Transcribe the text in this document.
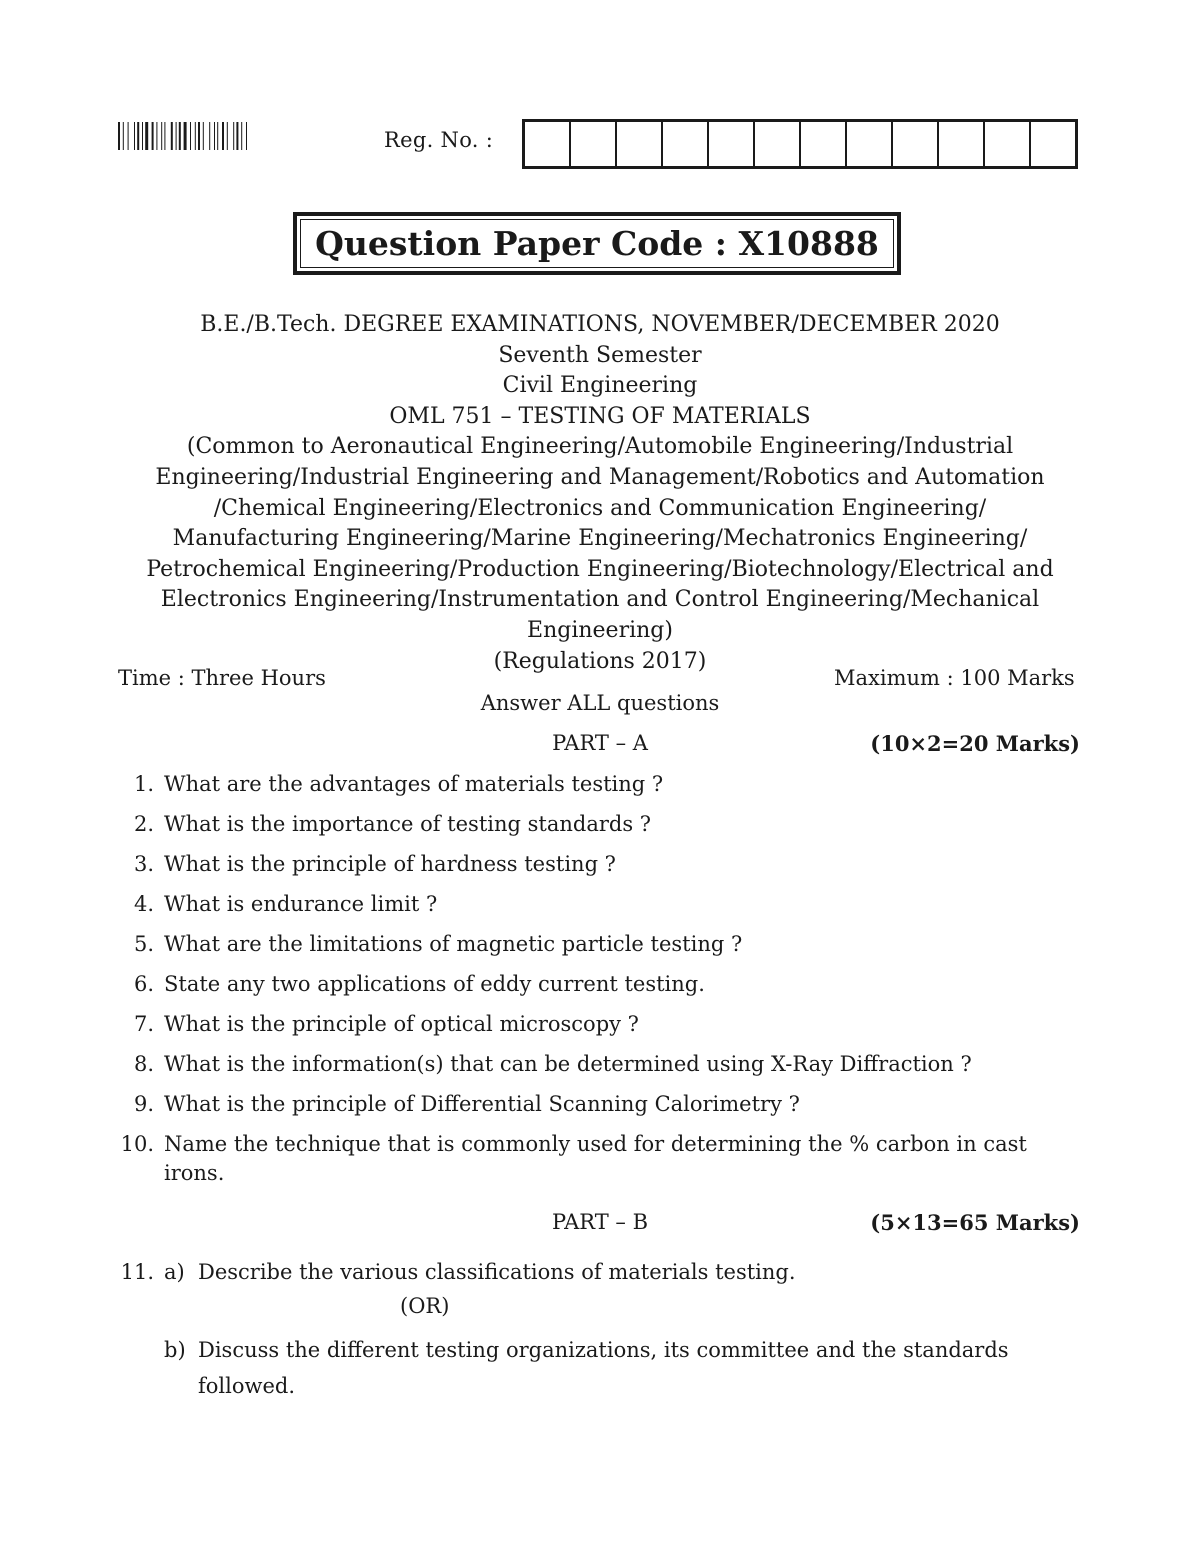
Reg. No. :
Question Paper Code : X10888
B.E./B.Tech. DEGREE EXAMINATIONS, NOVEMBER/DECEMBER 2020
Seventh Semester
Civil Engineering
OML 751 – TESTING OF MATERIALS
(Common to Aeronautical Engineering/Automobile Engineering/Industrial
Engineering/Industrial Engineering and Management/Robotics and Automation
/Chemical Engineering/Electronics and Communication Engineering/
Manufacturing Engineering/Marine Engineering/Mechatronics Engineering/
Petrochemical Engineering/Production Engineering/Biotechnology/Electrical and
Electronics Engineering/Instrumentation and Control Engineering/Mechanical
Engineering)
(Regulations 2017)
Time : Three Hours	Maximum : 100 Marks
Answer ALL questions
PART – A	(10×2=20 Marks)
1. What are the advantages of materials testing ?
2. What is the importance of testing standards ?
3. What is the principle of hardness testing ?
4. What is endurance limit ?
5. What are the limitations of magnetic particle testing ?
6. State any two applications of eddy current testing.
7. What is the principle of optical microscopy ?
8. What is the information(s) that can be determined using X-Ray Diffraction ?
9. What is the principle of Differential Scanning Calorimetry ?
10. Name the technique that is commonly used for determining the % carbon in cast irons.
PART – B	(5×13=65 Marks)
11. a) Describe the various classifications of materials testing.
(OR)
b) Discuss the different testing organizations, its committee and the standards followed.
